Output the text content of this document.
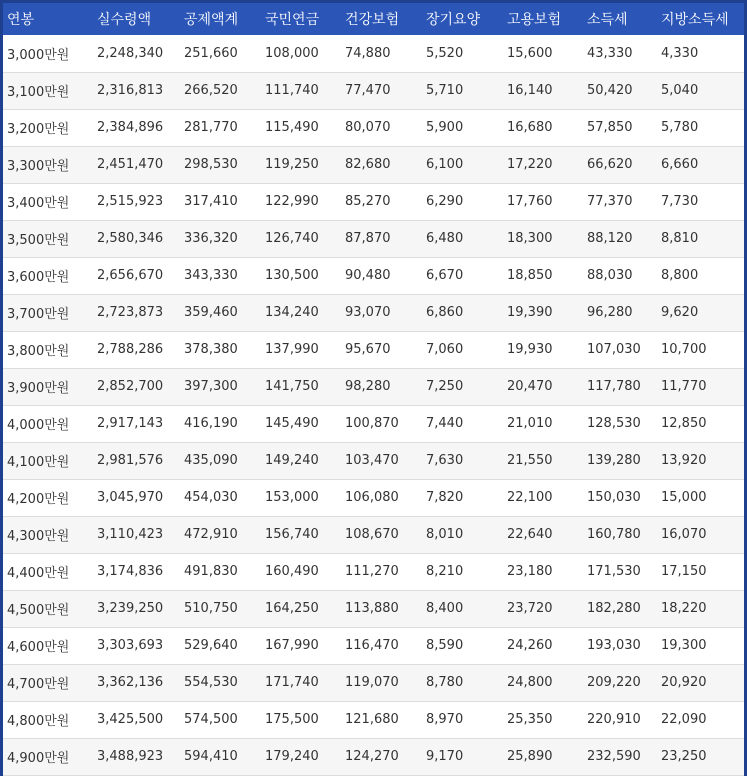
연봉	실수령액	공제액계	국민연금	건강보험	장기요양	고용보험	소득세	지방소득세
3,000만원	2,248,340	251,660	108,000	74,880	5,520	15,600	43,330	4,330
3,100만원	2,316,813	266,520	111,740	77,470	5,710	16,140	50,420	5,040
3,200만원	2,384,896	281,770	115,490	80,070	5,900	16,680	57,850	5,780
3,300만원	2,451,470	298,530	119,250	82,680	6,100	17,220	66,620	6,660
3,400만원	2,515,923	317,410	122,990	85,270	6,290	17,760	77,370	7,730
3,500만원	2,580,346	336,320	126,740	87,870	6,480	18,300	88,120	8,810
3,600만원	2,656,670	343,330	130,500	90,480	6,670	18,850	88,030	8,800
3,700만원	2,723,873	359,460	134,240	93,070	6,860	19,390	96,280	9,620
3,800만원	2,788,286	378,380	137,990	95,670	7,060	19,930	107,030	10,700
3,900만원	2,852,700	397,300	141,750	98,280	7,250	20,470	117,780	11,770
4,000만원	2,917,143	416,190	145,490	100,870	7,440	21,010	128,530	12,850
4,100만원	2,981,576	435,090	149,240	103,470	7,630	21,550	139,280	13,920
4,200만원	3,045,970	454,030	153,000	106,080	7,820	22,100	150,030	15,000
4,300만원	3,110,423	472,910	156,740	108,670	8,010	22,640	160,780	16,070
4,400만원	3,174,836	491,830	160,490	111,270	8,210	23,180	171,530	17,150
4,500만원	3,239,250	510,750	164,250	113,880	8,400	23,720	182,280	18,220
4,600만원	3,303,693	529,640	167,990	116,470	8,590	24,260	193,030	19,300
4,700만원	3,362,136	554,530	171,740	119,070	8,780	24,800	209,220	20,920
4,800만원	3,425,500	574,500	175,500	121,680	8,970	25,350	220,910	22,090
4,900만원	3,488,923	594,410	179,240	124,270	9,170	25,890	232,590	23,250
